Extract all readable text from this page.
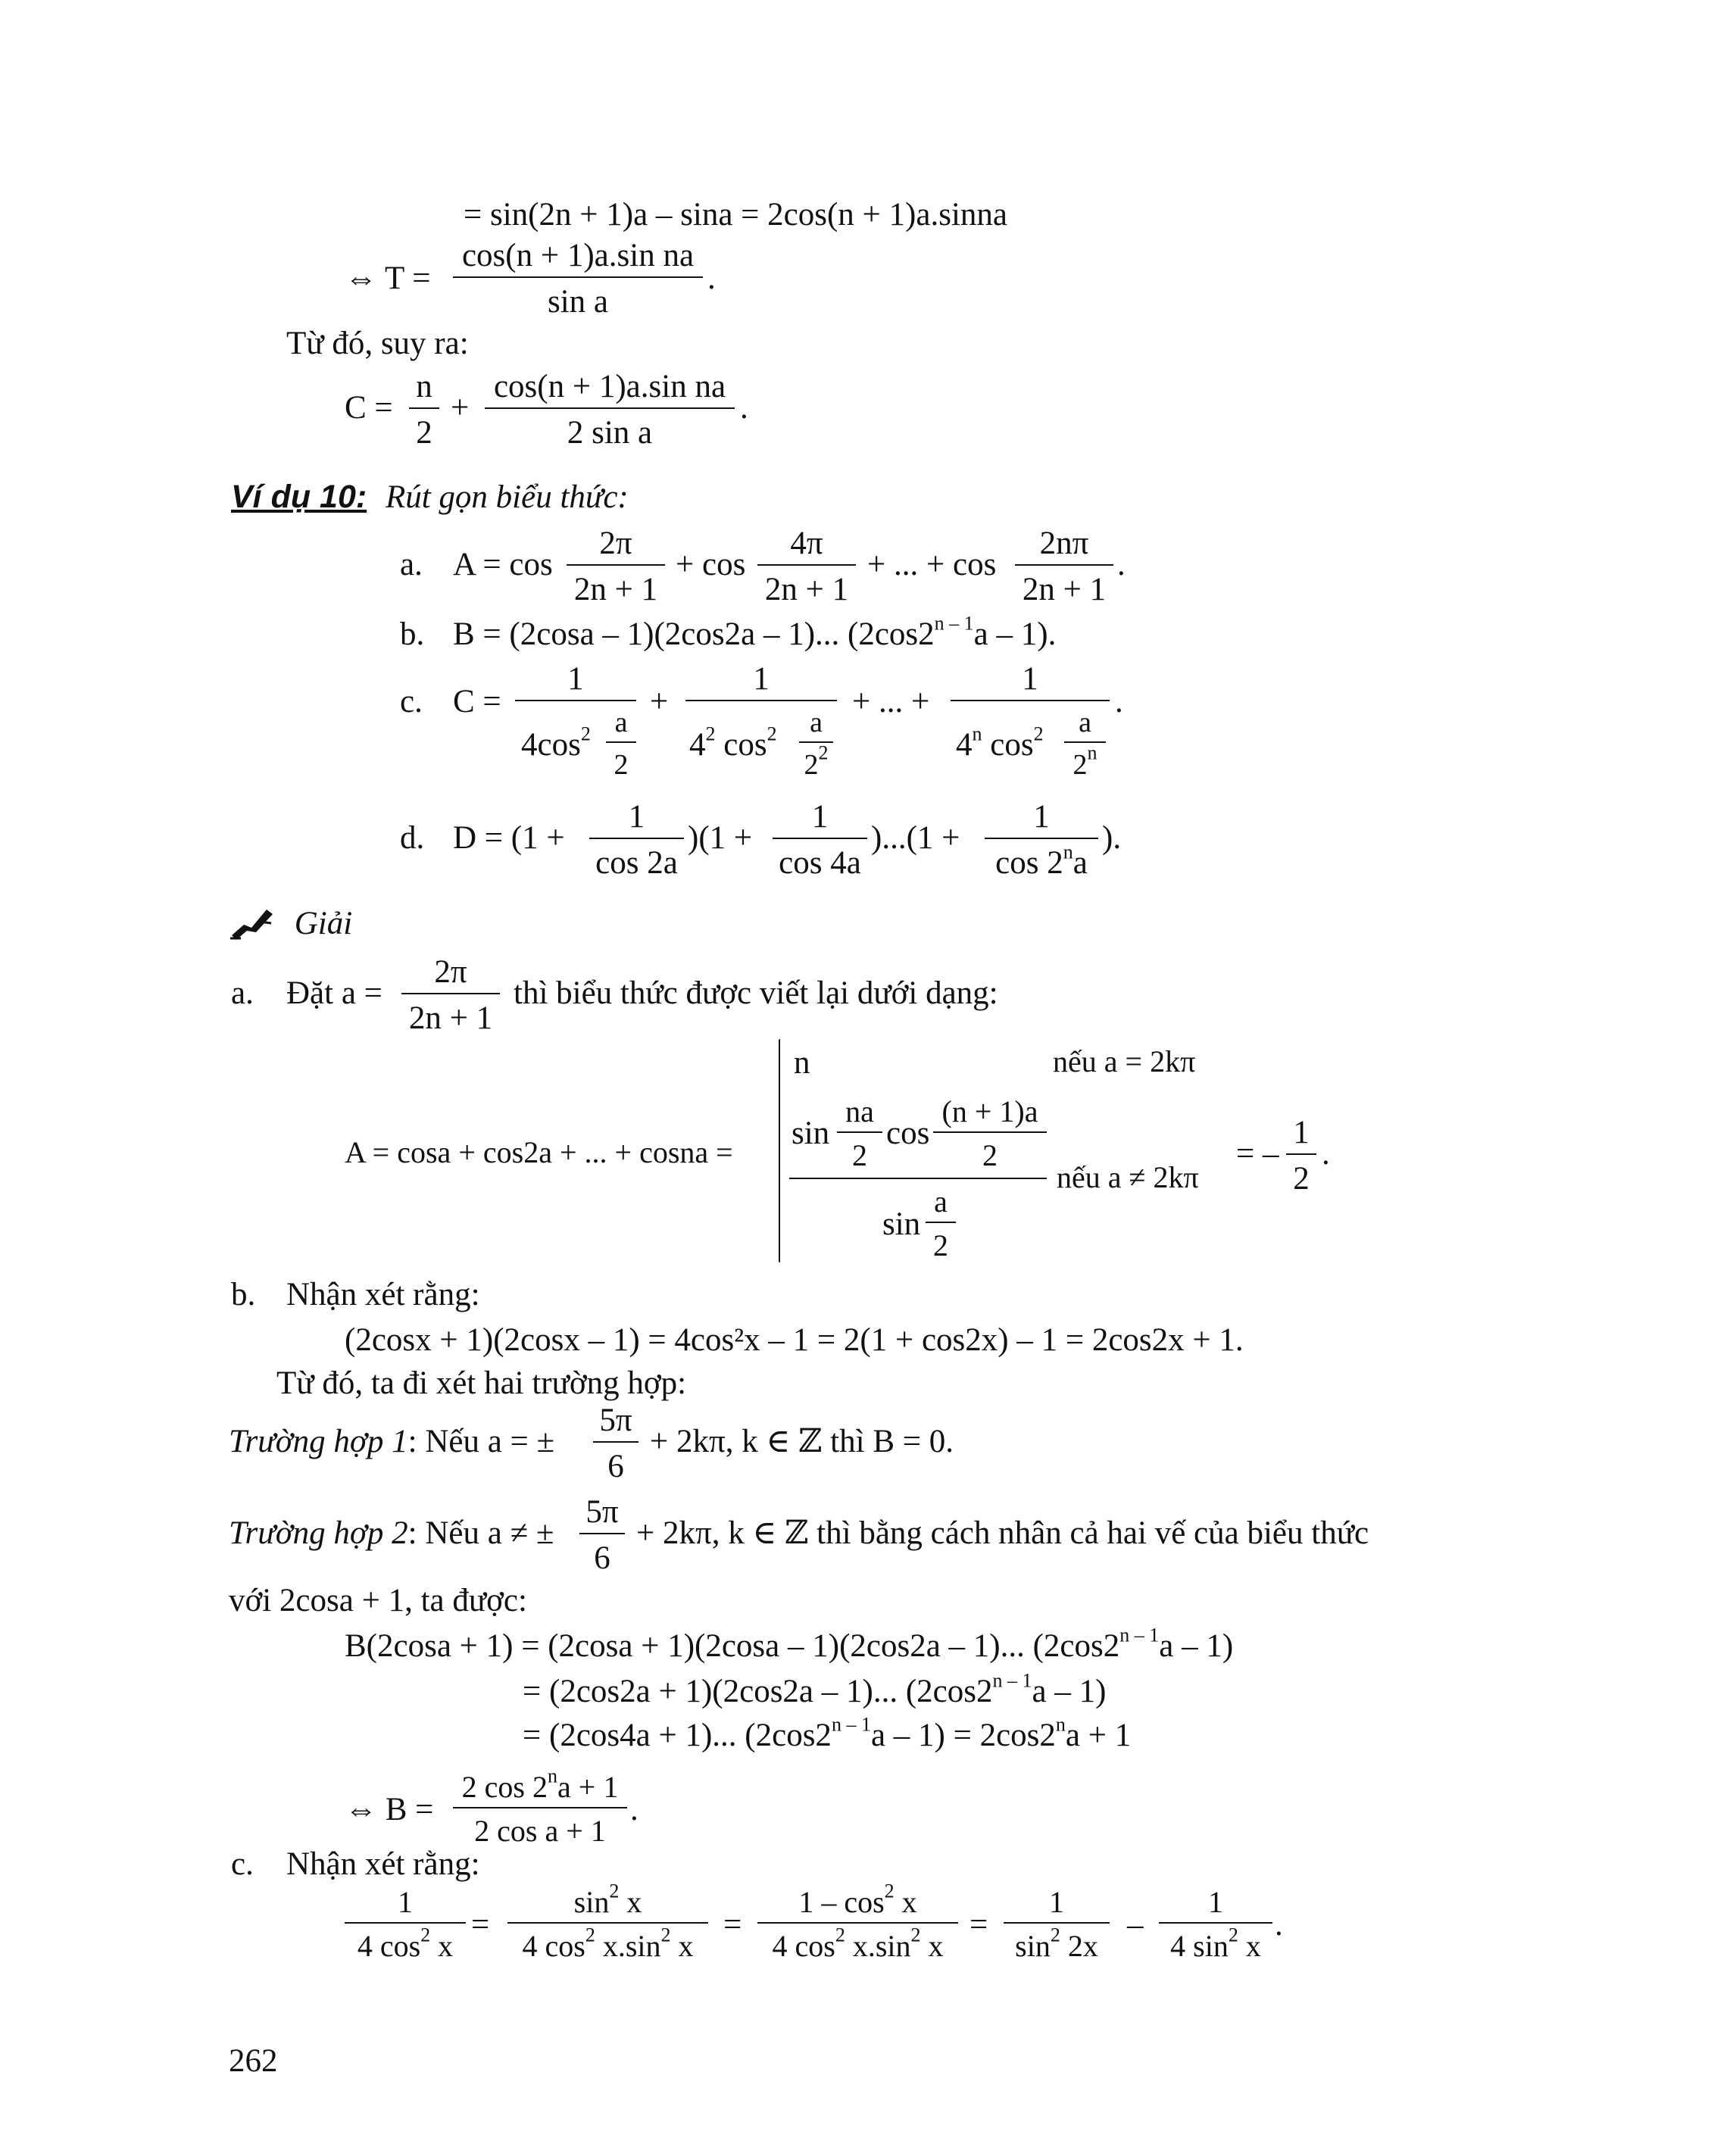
= sin(2n + 1)a – sina = 2cos(n + 1)a.sinna
⇔ T =
cos(n + 1)a.sin na
sin a
.
Từ đó, suy ra:
C =
n
2
+
cos(n + 1)a.sin na
2 sin a
.
Ví dụ 10: Rút gọn biểu thức:
a. A = cos
2π
2n + 1
+ cos
4π
2n + 1
+ ... + cos
2nπ
2n + 1
.
b. B = (2cosa – 1)(2cos2a – 1)... (2cos2$^{n - 1}$a – 1).
c. C =
1
$4\cos^2$ a
2
+
1
$4^2$ $\cos^2$	a
$2^2$
+ ... +
1
4$^n$ $\cos^2$	a
2$^n$
.
d. D = (1 +
1
cos 2a
)(1 +
1
cos 4a
)...(1 +
1
cos 2$^n$a
).
Giải
a. Đặt a =
2π
2n + 1
thì biểu thức được viết lại dưới dạng:
A = cosa + cos2a + ... + cosna =
n	nếu a = 2kπ
sin
na
2
cos
(n + 1)a
2
sin
a
2
nếu a ≠ 2kπ
= –
1
2
.
b. Nhận xét rằng:
(2cosx + 1)(2cosx – 1) = 4cos²x – 1 = 2(1 + cos2x) – 1 = 2cos2x + 1.
Từ đó, ta đi xét hai trường hợp:
Trường hợp 1: Nếu a = ±
5π
6
+ 2kπ, k ∈ ℤ thì B = 0.
Trường hợp 2: Nếu a ≠ ±
5π
6
+ 2kπ, k ∈ ℤ thì bằng cách nhân cả hai vế của biểu thức
với 2cosa + 1, ta được:
B(2cosa + 1) = (2cosa + 1)(2cosa – 1)(2cos2a – 1)... (2cos2$^{n - 1}$a – 1)
= (2cos2a + 1)(2cos2a – 1)... (2cos2$^{n - 1}$a – 1)
= (2cos4a + 1)... $(2\cos 2^{n - 1}a - 1) = 2\cos 2^na + 1$
⇔ B =
2 $\cos 2^na + 1$
2 cos a + 1
.
c. Nhận xét rằng:
1
4 $\cos^2 x$
=
$\sin^2 x$
4 $\cos^2 x.\sin^2$ x
=
$1 - \cos^2 x$
4 $\cos^2 x.\sin^2$ x
=
1
$\sin^2 2x$
–
1
4 $\sin^2 x$
.
262
